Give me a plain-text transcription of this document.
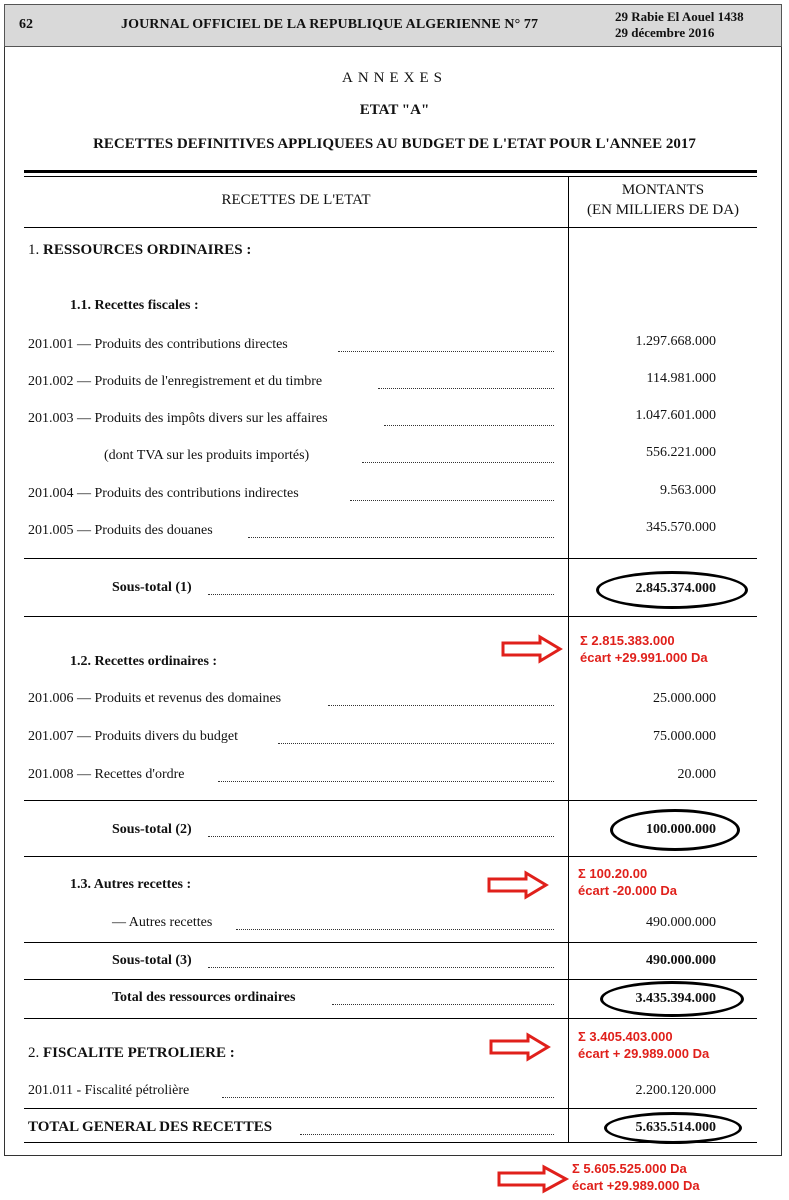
62	JOURNAL OFFICIEL DE LA REPUBLIQUE ALGERIENNE N° 77
29 Rabie El Aouel 1438
29 décembre 2016
ANNEXES
ETAT "A"
RECETTES DEFINITIVES APPLIQUEES AU BUDGET DE L'ETAT POUR L'ANNEE 2017
RECETTES DE L'ETAT
MONTANTS
(EN MILLIERS DE DA)
1. RESSOURCES ORDINAIRES :
1.1. Recettes fiscales :
201.001 — Produits des contributions directes	1.297.668.000
201.002 — Produits de l'enregistrement et du timbre	114.981.000
201.003 — Produits des impôts divers sur les affaires	1.047.601.000
(dont TVA sur les produits importés)	556.221.000
201.004 — Produits des contributions indirectes	9.563.000
201.005 — Produits des douanes	345.570.000
Sous-total (1)	2.845.374.000
1.2. Recettes ordinaires :
201.006 — Produits et revenus des domaines	25.000.000
201.007 — Produits divers du budget	75.000.000
201.008 — Recettes d'ordre	20.000
Sous-total (2)	100.000.000
1.3. Autres recettes :
— Autres recettes	490.000.000
Sous-total (3)	490.000.000
Total des ressources ordinaires	3.435.394.000
2. FISCALITE PETROLIERE :
201.011 - Fiscalité pétrolière	2.200.120.000
TOTAL GENERAL DES RECETTES	5.635.514.000
Σ 2.815.383.000
écart +29.991.000 Da
Σ 100.20.00
écart -20.000 Da
Σ 3.405.403.000
écart + 29.989.000 Da
Σ 5.605.525.000 Da
écart +29.989.000 Da
